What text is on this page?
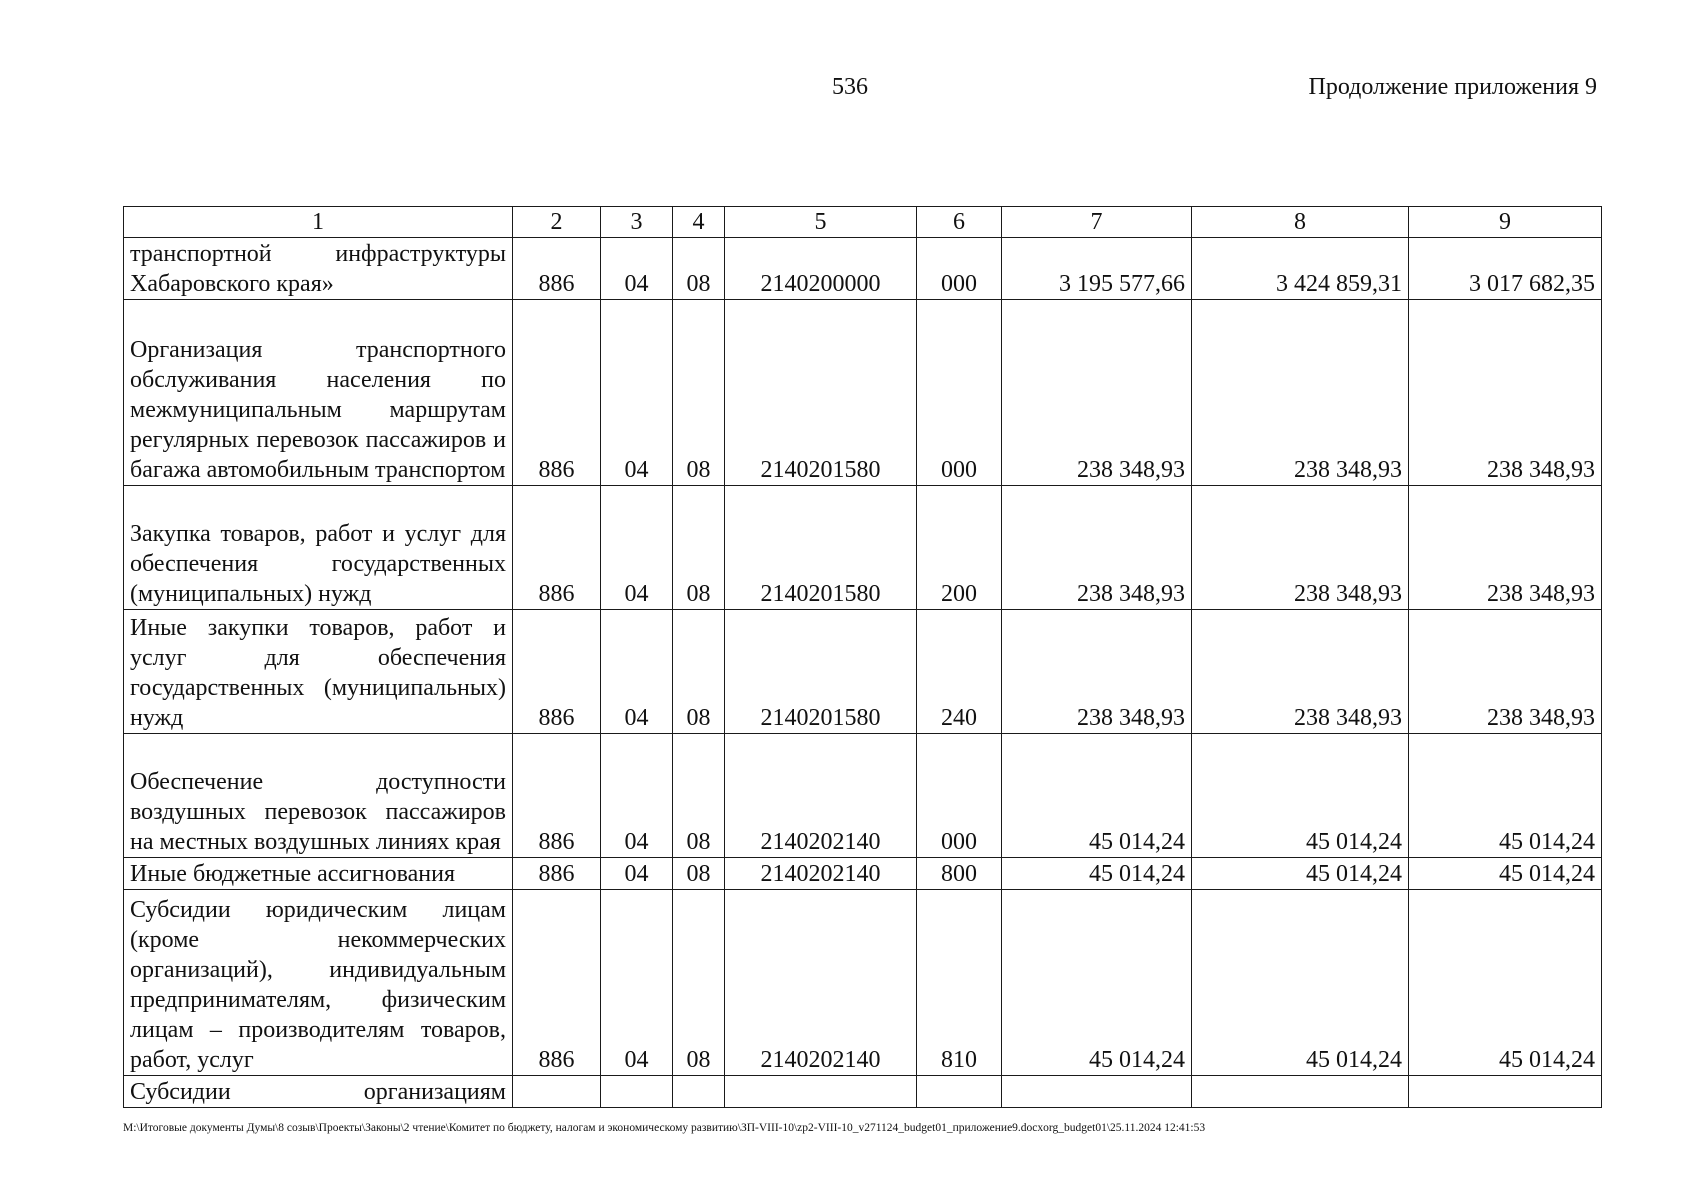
536	Продолжение приложения 9
1	2	3	4	5	6	7	8	9
транспортной инфраструктуры Хабаровского края»	886	04	08	2140200000	000	3 195 577,66	3 424 859,31	3 017 682,35
Организация транспортного обслуживания населения по межмуниципальным маршрутам регулярных перевозок пассажиров и багажа автомобильным транспортом	886	04	08	2140201580	000	238 348,93	238 348,93	238 348,93
Закупка товаров, работ и услуг для обеспечения государственных (муниципальных) нужд	886	04	08	2140201580	200	238 348,93	238 348,93	238 348,93
Иные закупки товаров, работ и услуг для обеспечения государственных (муниципальных) нужд	886	04	08	2140201580	240	238 348,93	238 348,93	238 348,93
Обеспечение доступности воздушных перевозок пассажиров на местных воздушных линиях края	886	04	08	2140202140	000	45 014,24	45 014,24	45 014,24
Иные бюджетные ассигнования	886	04	08	2140202140	800	45 014,24	45 014,24	45 014,24
Субсидии юридическим лицам (кроме некоммерческих организаций), индивидуальным предпринимателям, физическим лицам – производителям товаров, работ, услуг	886	04	08	2140202140	810	45 014,24	45 014,24	45 014,24
Субсидии организациям								
M:\Итоговые документы Думы\8 созыв\Проекты\Законы\2 чтение\Комитет по бюджету, налогам и экономическому развитию\ЗП-VIII-10\zp2-VIII-10_v271124_budget01_приложение9.docxorg_budget01\25.11.2024 12:41:53
